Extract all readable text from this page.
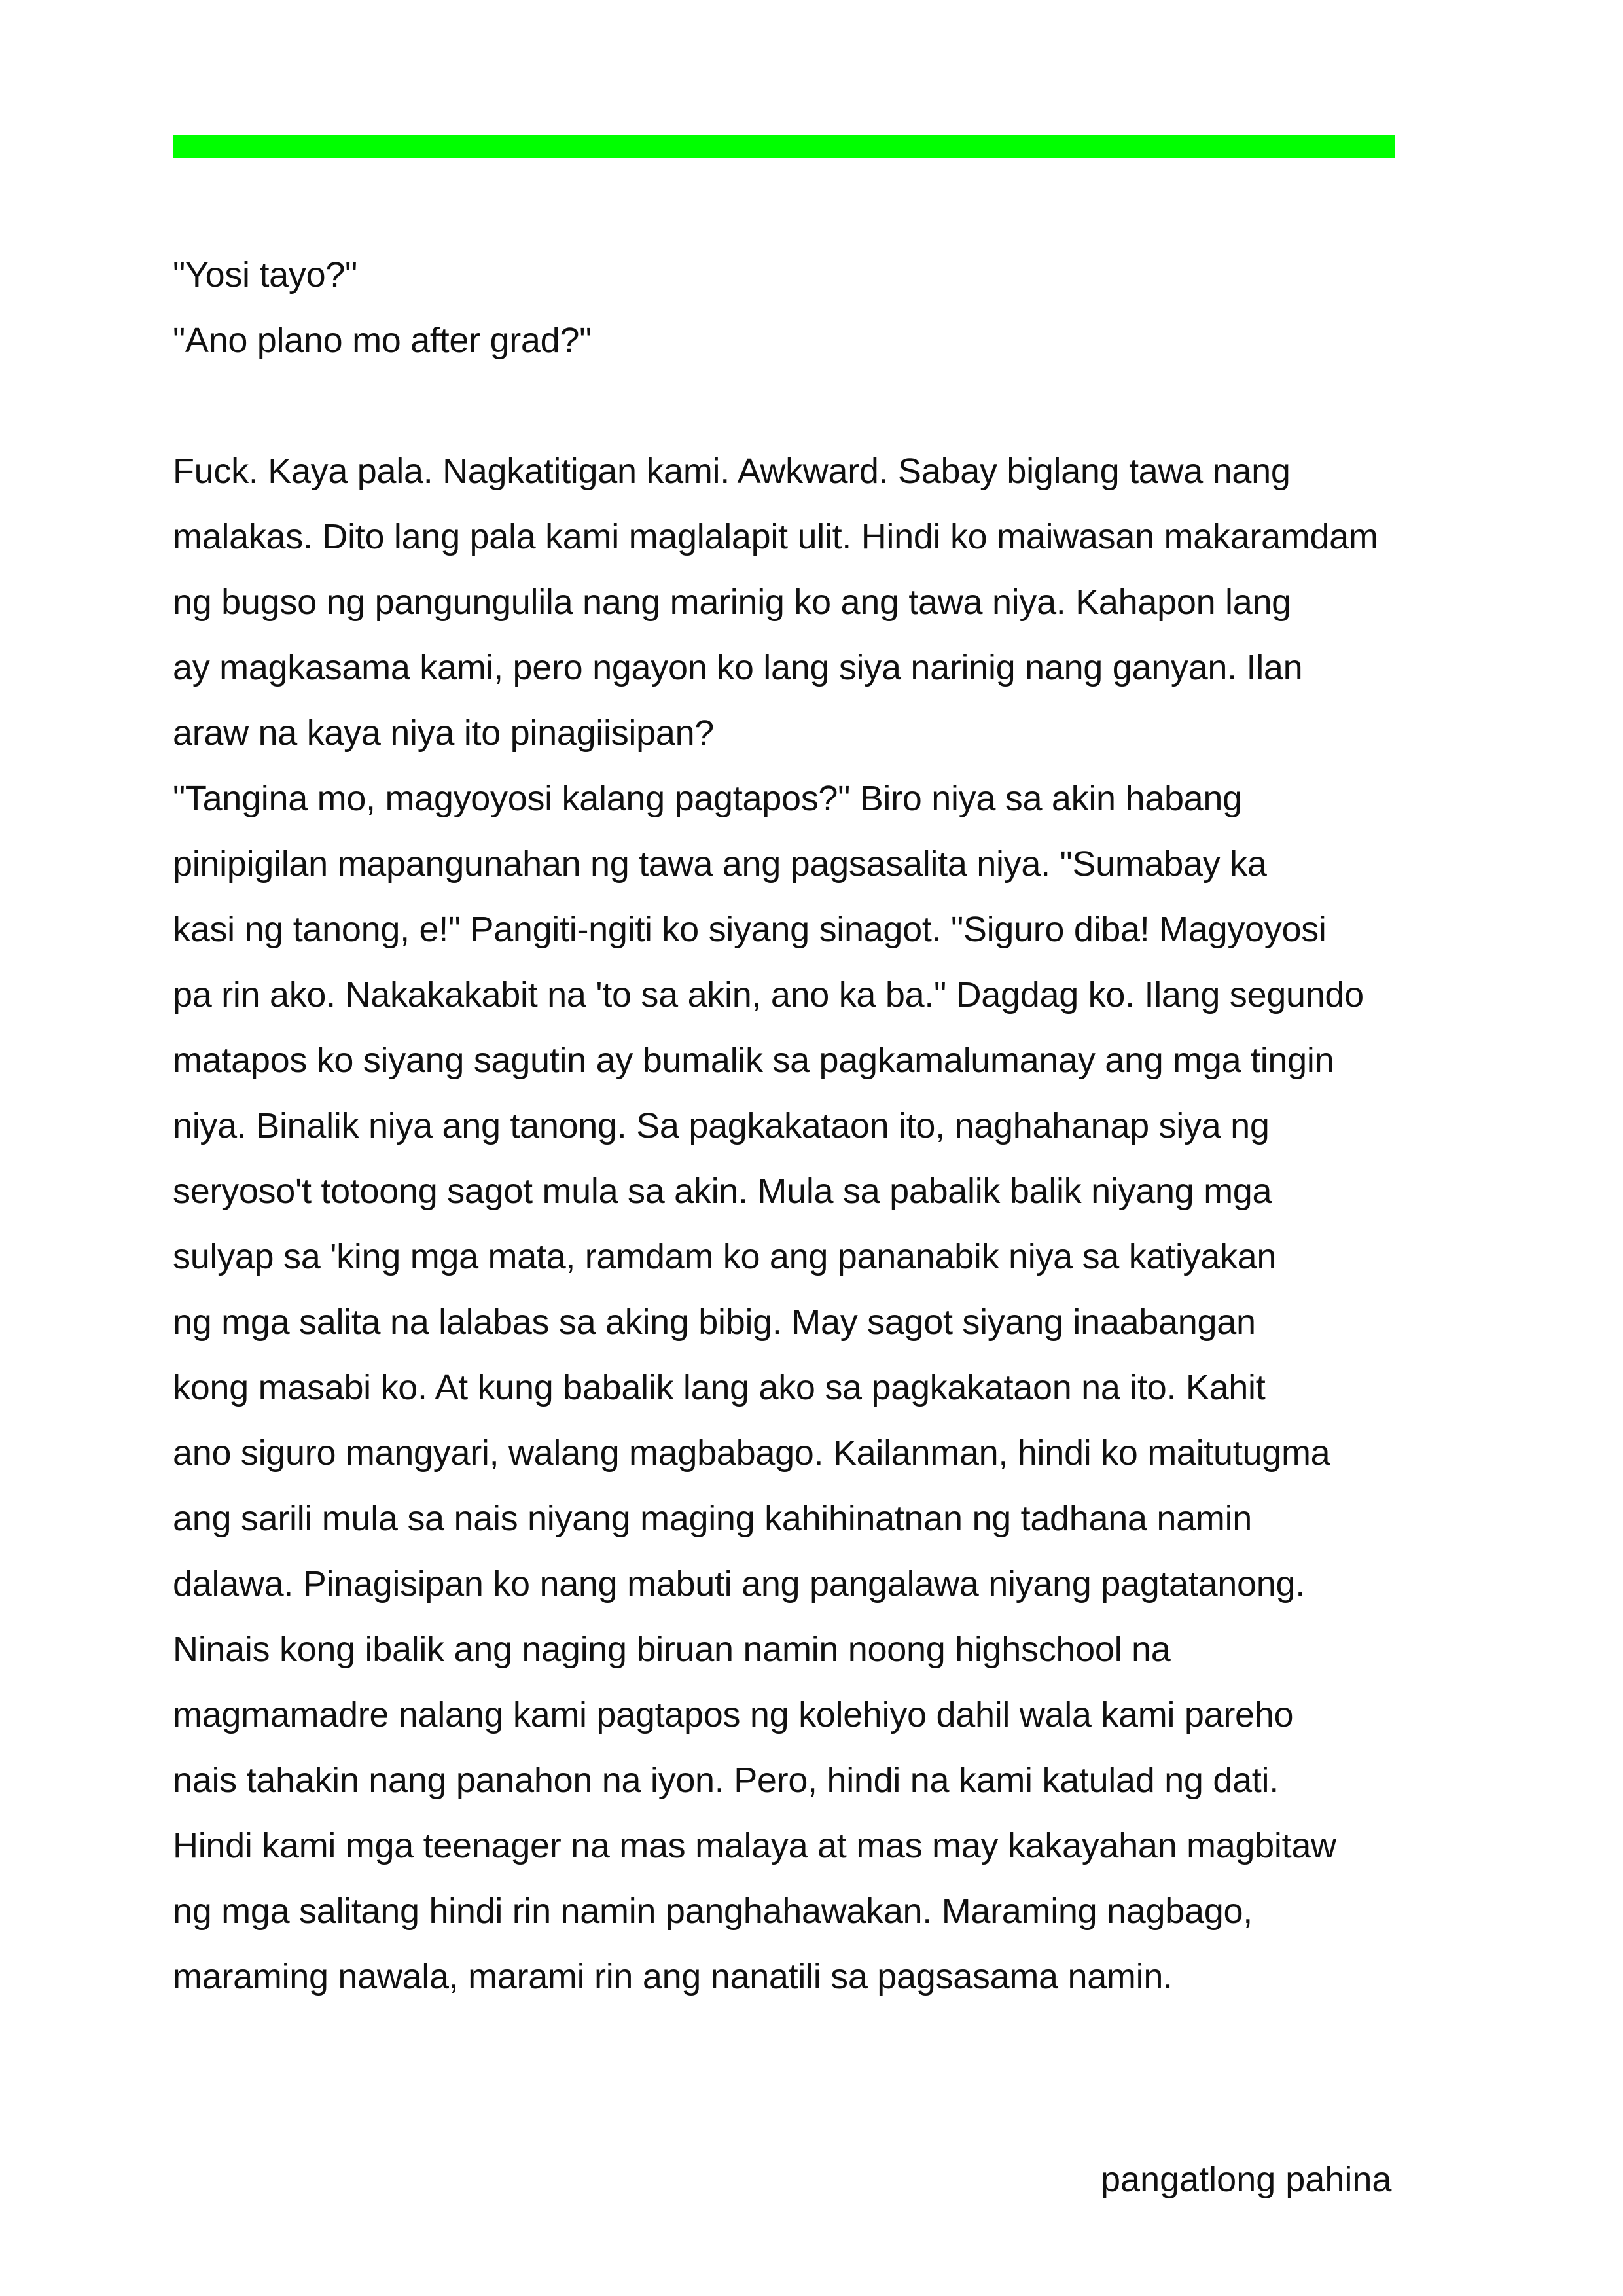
"Yosi tayo?"
"Ano plano mo after grad?"
Fuck. Kaya pala. Nagkatitigan kami. Awkward. Sabay biglang tawa nang
malakas. Dito lang pala kami maglalapit ulit. Hindi ko maiwasan makaramdam
ng bugso ng pangungulila nang marinig ko ang tawa niya. Kahapon lang
ay magkasama kami, pero ngayon ko lang siya narinig nang ganyan. Ilan
araw na kaya niya ito pinagiisipan?
"Tangina mo, magyoyosi kalang pagtapos?" Biro niya sa akin habang
pinipigilan mapangunahan ng tawa ang pagsasalita niya. "Sumabay ka
kasi ng tanong, e!" Pangiti-ngiti ko siyang sinagot. "Siguro diba! Magyoyosi
pa rin ako. Nakakakabit na 'to sa akin, ano ka ba." Dagdag ko. Ilang segundo
matapos ko siyang sagutin ay bumalik sa pagkamalumanay ang mga tingin
niya. Binalik niya ang tanong. Sa pagkakataon ito, naghahanap siya ng
seryoso't totoong sagot mula sa akin. Mula sa pabalik balik niyang mga
sulyap sa 'king mga mata, ramdam ko ang pananabik niya sa katiyakan
ng mga salita na lalabas sa aking bibig. May sagot siyang inaabangan
kong masabi ko. At kung babalik lang ako sa pagkakataon na ito. Kahit
ano siguro mangyari, walang magbabago. Kailanman, hindi ko maitutugma
ang sarili mula sa nais niyang maging kahihinatnan ng tadhana namin
dalawa. Pinagisipan ko nang mabuti ang pangalawa niyang pagtatanong.
Ninais kong ibalik ang naging biruan namin noong highschool na
magmamadre nalang kami pagtapos ng kolehiyo dahil wala kami pareho
nais tahakin nang panahon na iyon. Pero, hindi na kami katulad ng dati.
Hindi kami mga teenager na mas malaya at mas may kakayahan magbitaw
ng mga salitang hindi rin namin panghahawakan. Maraming nagbago,
maraming nawala, marami rin ang nanatili sa pagsasama namin.
pangatlong pahina
